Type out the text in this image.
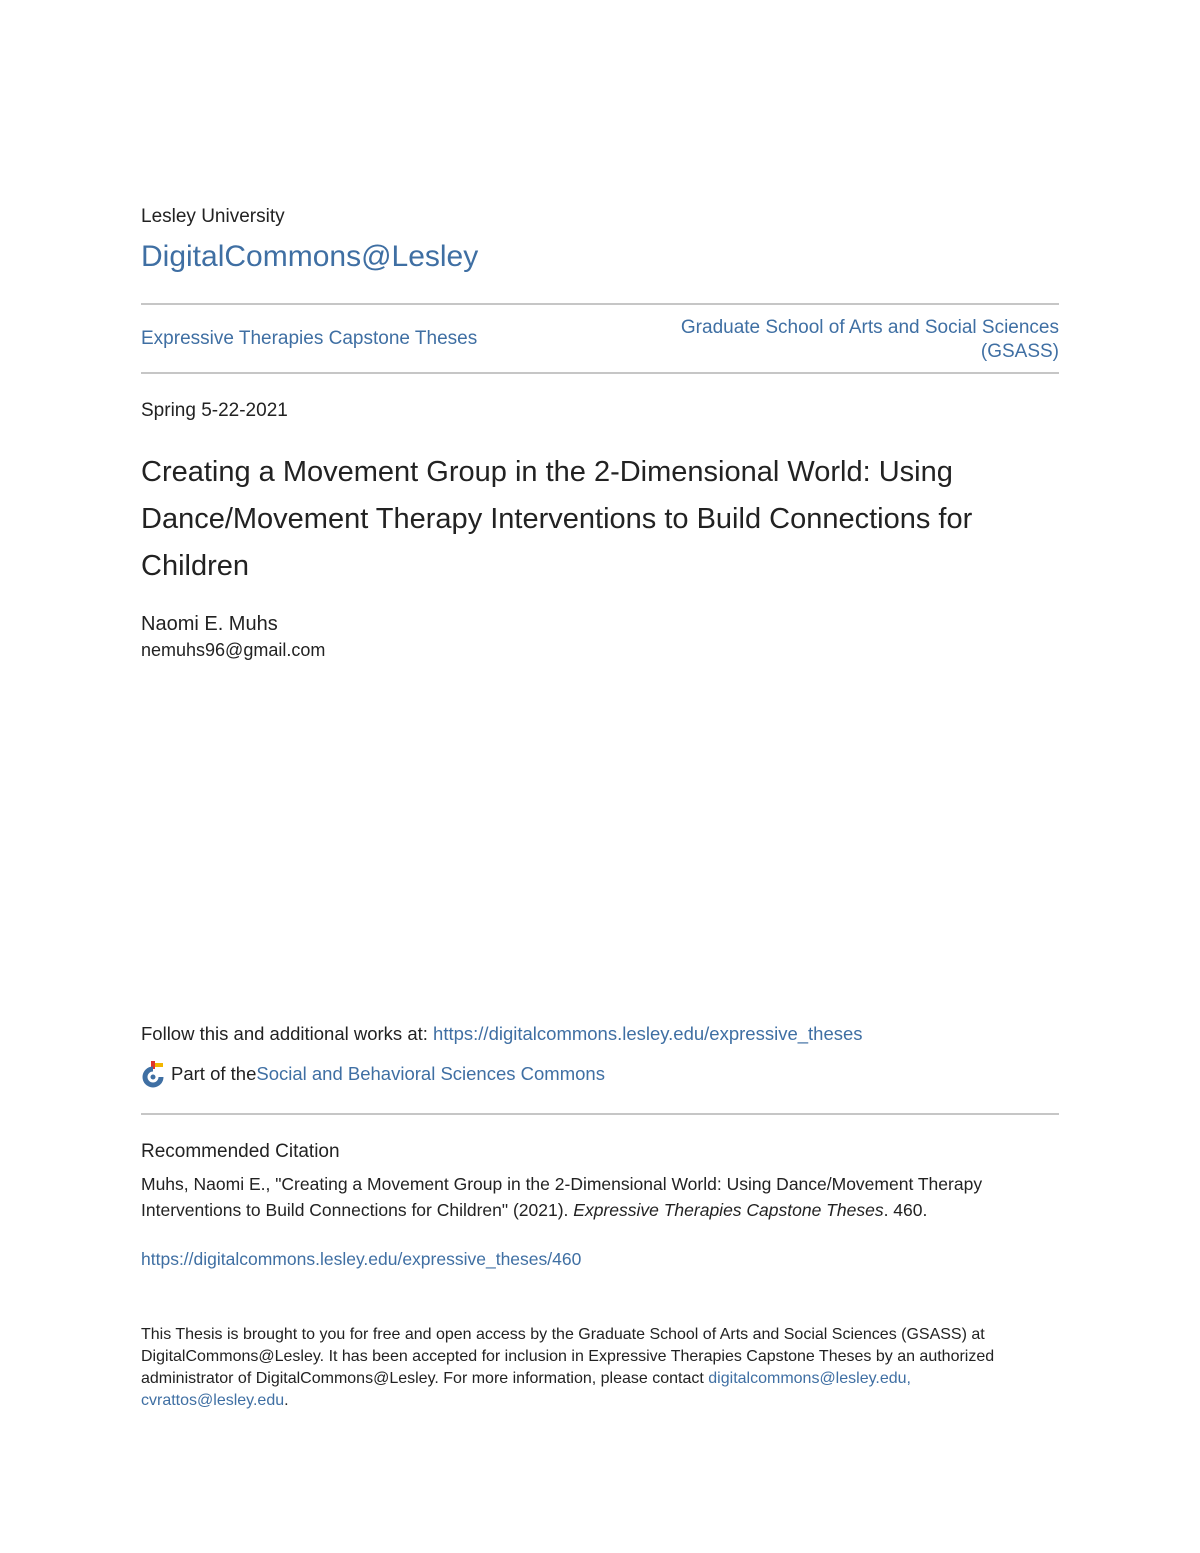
Lesley University
DigitalCommons@Lesley
Expressive Therapies Capstone Theses
Graduate School of Arts and Social Sciences
(GSASS)
Spring 5-22-2021
Creating a Movement Group in the 2-Dimensional World: Using Dance/Movement Therapy Interventions to Build Connections for Children
Naomi E. Muhs
nemuhs96@gmail.com
Follow this and additional works at: https://digitalcommons.lesley.edu/expressive_theses
Part of the Social and Behavioral Sciences Commons
Recommended Citation
Muhs, Naomi E., "Creating a Movement Group in the 2-Dimensional World: Using Dance/Movement Therapy Interventions to Build Connections for Children" (2021). Expressive Therapies Capstone Theses. 460.
https://digitalcommons.lesley.edu/expressive_theses/460
This Thesis is brought to you for free and open access by the Graduate School of Arts and Social Sciences (GSASS) at DigitalCommons@Lesley. It has been accepted for inclusion in Expressive Therapies Capstone Theses by an authorized administrator of DigitalCommons@Lesley. For more information, please contact digitalcommons@lesley.edu, cvrattos@lesley.edu.
